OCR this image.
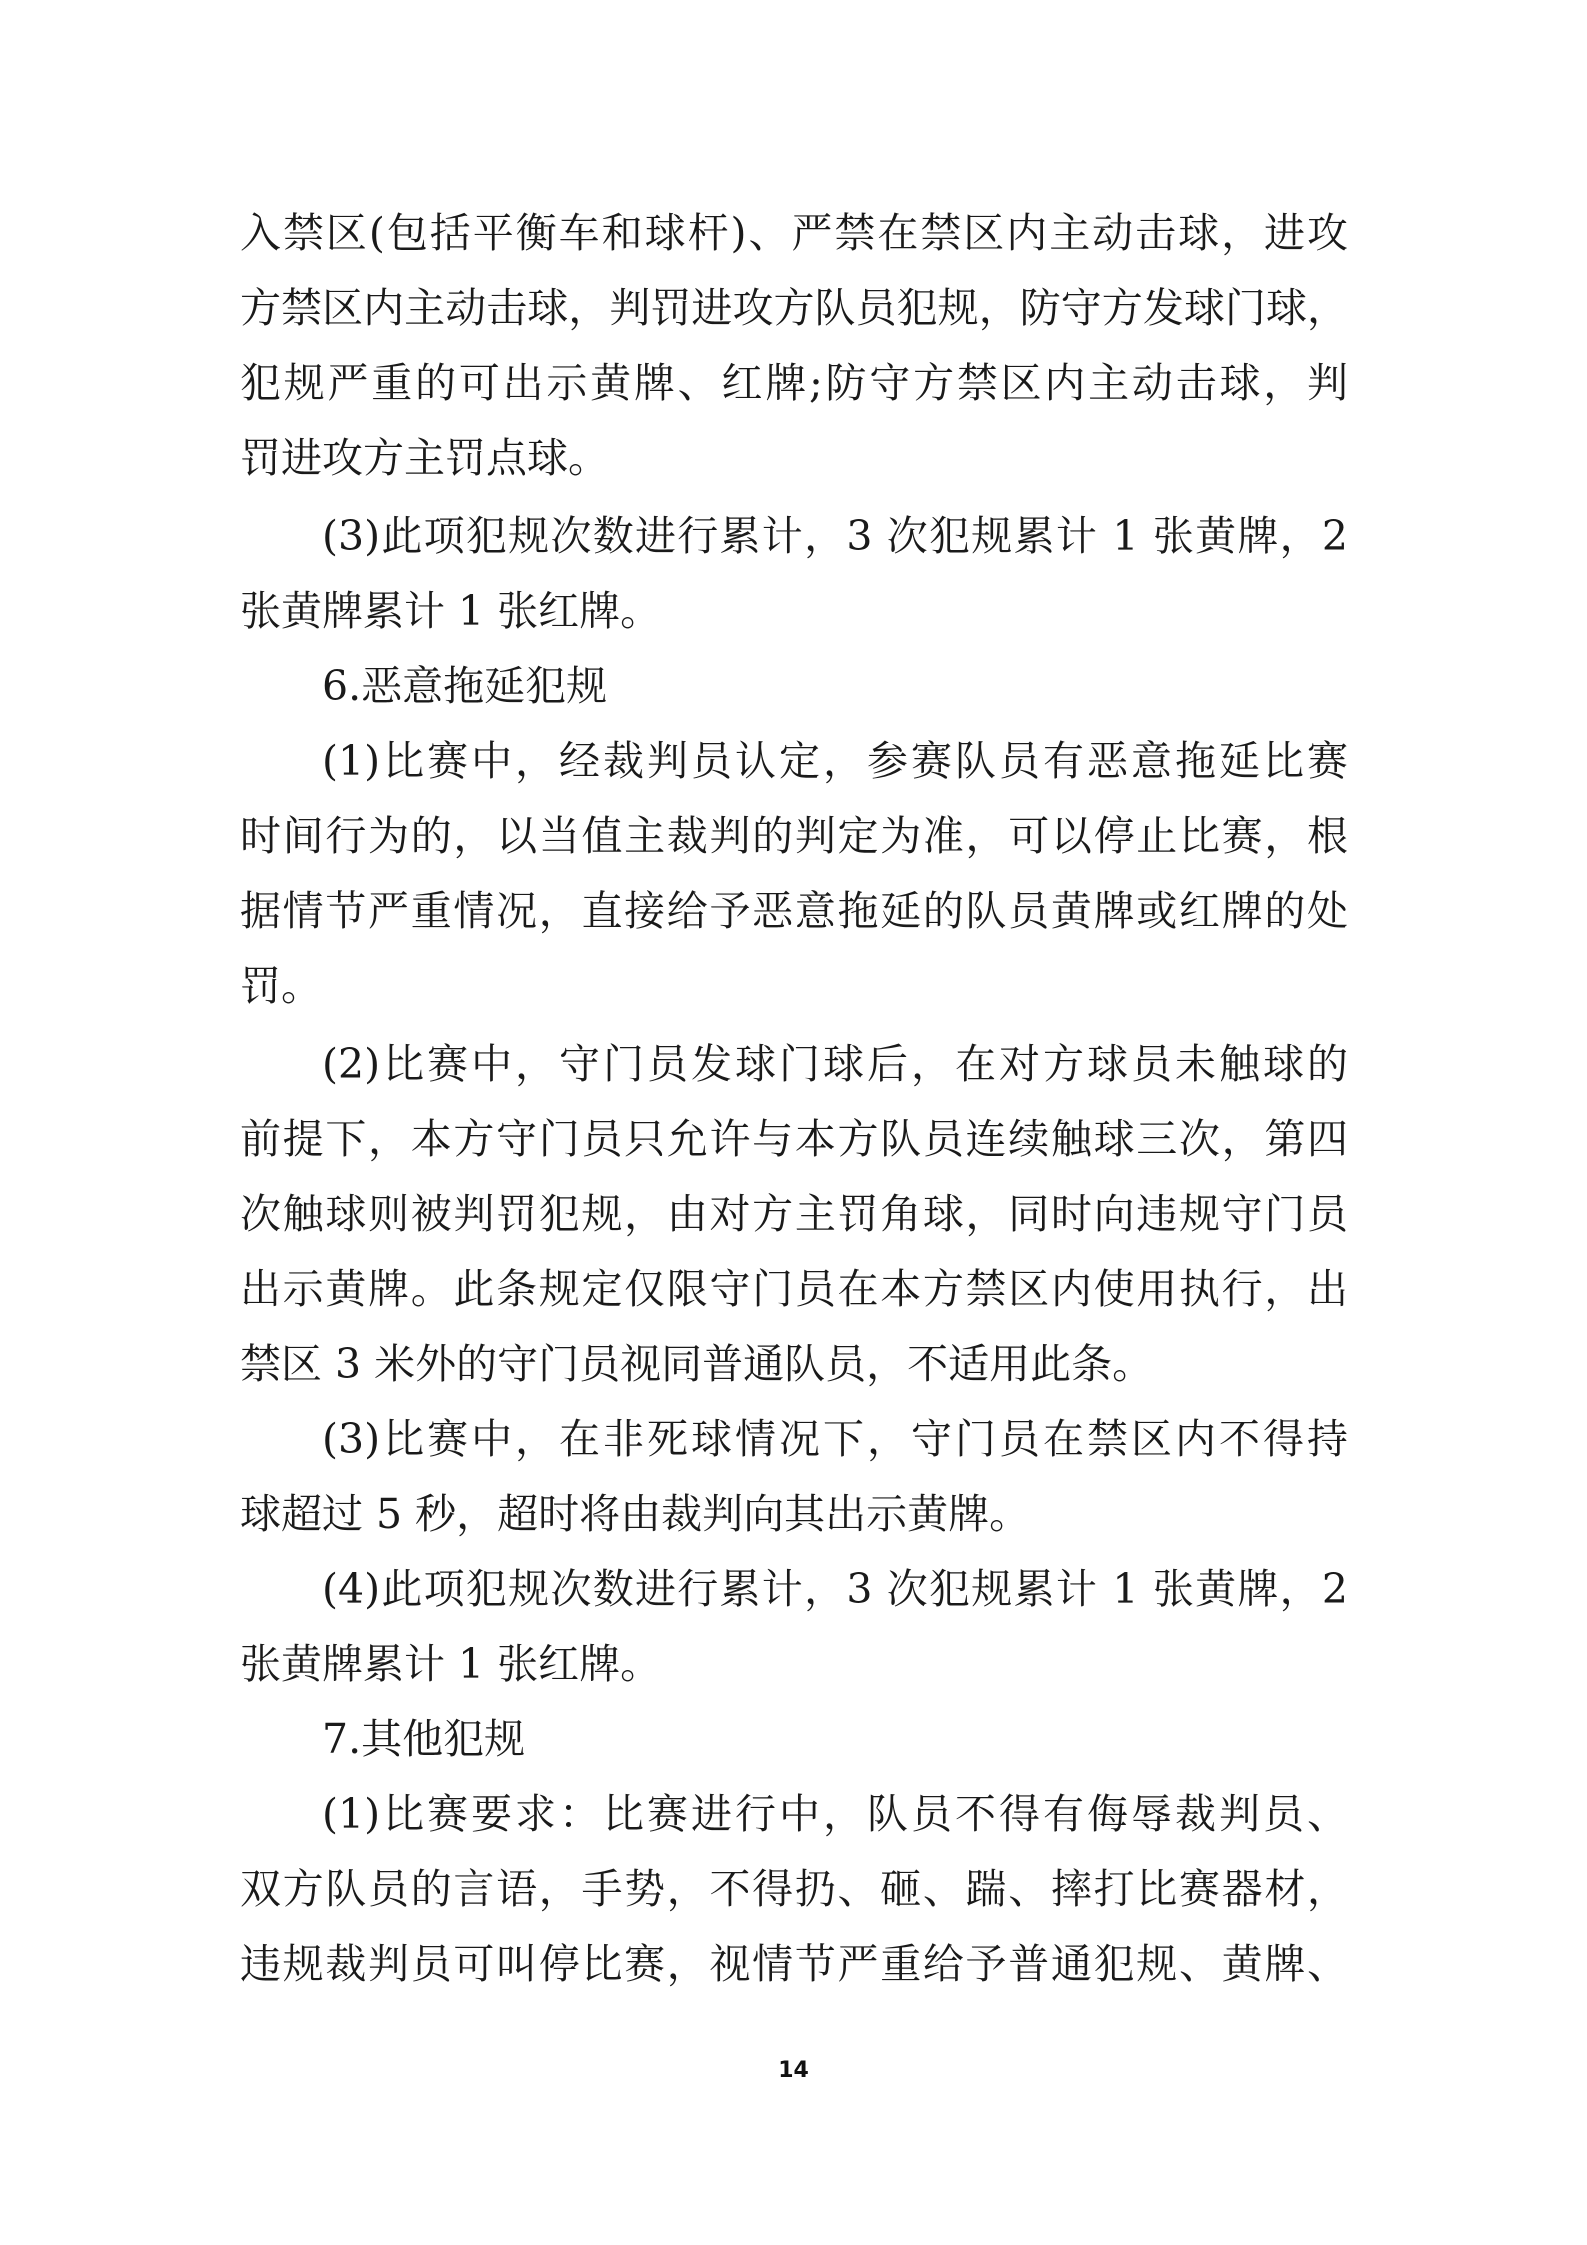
入禁区(包括平衡车和球杆)、严禁在禁区内主动击球，进攻
方禁区内主动击球，判罚进攻方队员犯规，防守方发球门球，
犯规严重的可出示黄牌、红牌;防守方禁区内主动击球，判
罚进攻方主罚点球。
(3)此项犯规次数进行累计，3 次犯规累计 1 张黄牌，2
张黄牌累计 1 张红牌。
6.恶意拖延犯规
(1)比赛中，经裁判员认定，参赛队员有恶意拖延比赛
时间行为的，以当值主裁判的判定为准，可以停止比赛，根
据情节严重情况，直接给予恶意拖延的队员黄牌或红牌的处
罚。
(2)比赛中，守门员发球门球后，在对方球员未触球的
前提下，本方守门员只允许与本方队员连续触球三次，第四
次触球则被判罚犯规，由对方主罚角球，同时向违规守门员
出示黄牌。此条规定仅限守门员在本方禁区内使用执行，出
禁区 3 米外的守门员视同普通队员，不适用此条。
(3)比赛中，在非死球情况下，守门员在禁区内不得持
球超过 5 秒，超时将由裁判向其出示黄牌。
(4)此项犯规次数进行累计，3 次犯规累计 1 张黄牌，2
张黄牌累计 1 张红牌。
7.其他犯规
(1)比赛要求：比赛进行中，队员不得有侮辱裁判员、
双方队员的言语，手势，不得扔、砸、踹、摔打比赛器材，
违规裁判员可叫停比赛，视情节严重给予普通犯规、黄牌、
14
